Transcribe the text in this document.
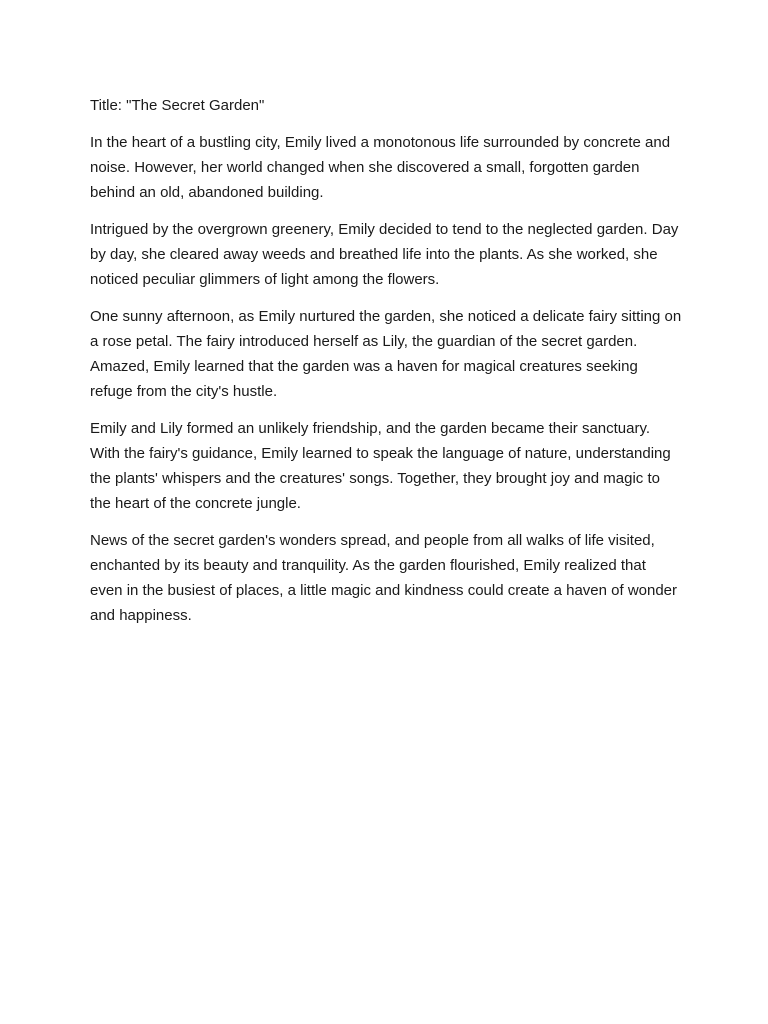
Title: "The Secret Garden"

In the heart of a bustling city, Emily lived a monotonous life surrounded by concrete and noise. However, her world changed when she discovered a small, forgotten garden behind an old, abandoned building.

Intrigued by the overgrown greenery, Emily decided to tend to the neglected garden. Day by day, she cleared away weeds and breathed life into the plants. As she worked, she noticed peculiar glimmers of light among the flowers.

One sunny afternoon, as Emily nurtured the garden, she noticed a delicate fairy sitting on a rose petal. The fairy introduced herself as Lily, the guardian of the secret garden. Amazed, Emily learned that the garden was a haven for magical creatures seeking refuge from the city's hustle.

Emily and Lily formed an unlikely friendship, and the garden became their sanctuary. With the fairy's guidance, Emily learned to speak the language of nature, understanding the plants' whispers and the creatures' songs. Together, they brought joy and magic to the heart of the concrete jungle.

News of the secret garden's wonders spread, and people from all walks of life visited, enchanted by its beauty and tranquility. As the garden flourished, Emily realized that even in the busiest of places, a little magic and kindness could create a haven of wonder and happiness.
